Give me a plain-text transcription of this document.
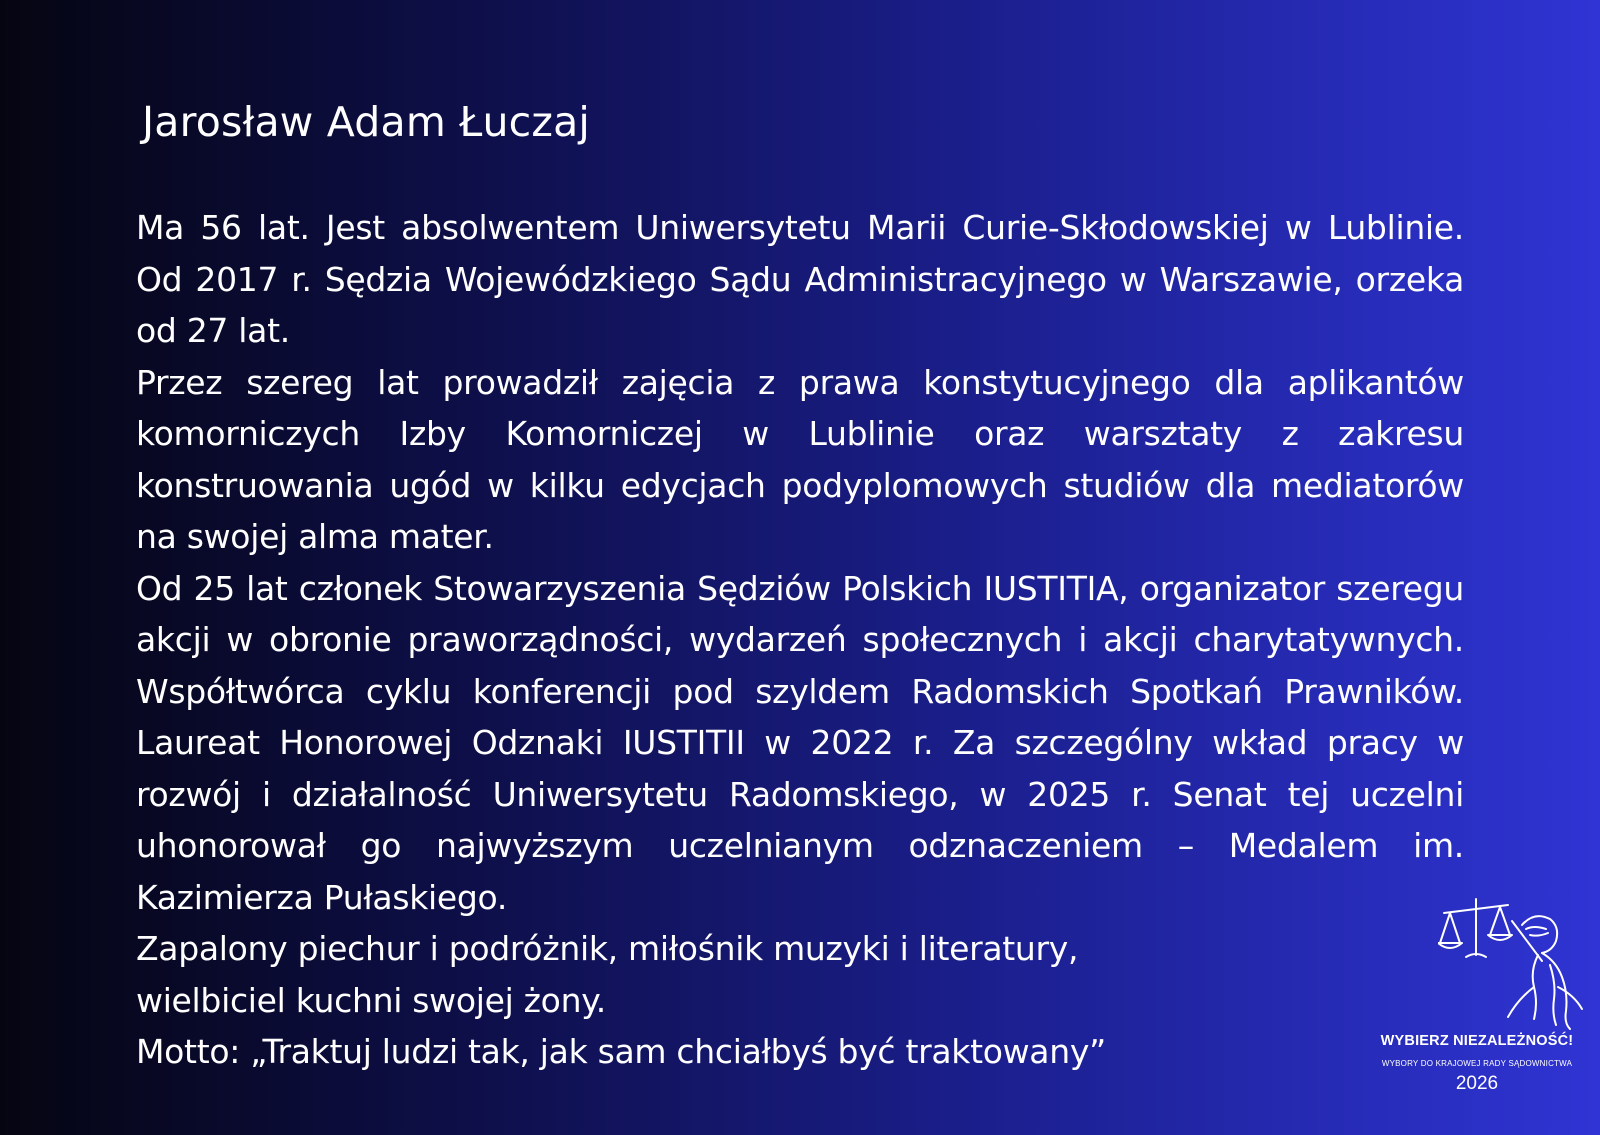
Jarosław Adam Łuczaj

Ma 56 lat. Jest absolwentem Uniwersytetu Marii Curie-Skłodowskiej w Lublinie. Od 2017 r. Sędzia Wojewódzkiego Sądu Administracyjnego w Warszawie, orzeka od 27 lat.

Przez szereg lat prowadził zajęcia z prawa konstytucyjnego dla aplikantów komorniczych Izby Komorniczej w Lublinie oraz warsztaty z zakresu konstruowania ugód w kilku edycjach podyplomowych studiów dla mediatorów na swojej alma mater.

Od 25 lat członek Stowarzyszenia Sędziów Polskich IUSTITIA, organizator szeregu akcji w obronie praworządności, wydarzeń społecznych i akcji charytatywnych. Współtwórca cyklu konferencji pod szyldem Radomskich Spotkań Prawników. Laureat Honorowej Odznaki IUSTITII w 2022 r. Za szczególny wkład pracy w rozwój i działalność Uniwersytetu Radomskiego, w 2025 r. Senat tej uczelni uhonorował go najwyższym uczelnianym odznaczeniem – Medalem im. Kazimierza Pułaskiego.

Zapalony piechur i podróżnik, miłośnik muzyki i literatury,

wielbiciel kuchni swojej żony.

Motto: „Traktuj ludzi tak, jak sam chciałbyś być traktowany”	WYBIERZ NIEZALEŻNOŚĆ!
WYBORY DO KRAJOWEJ RADY SĄDOWNICTWA
2026
